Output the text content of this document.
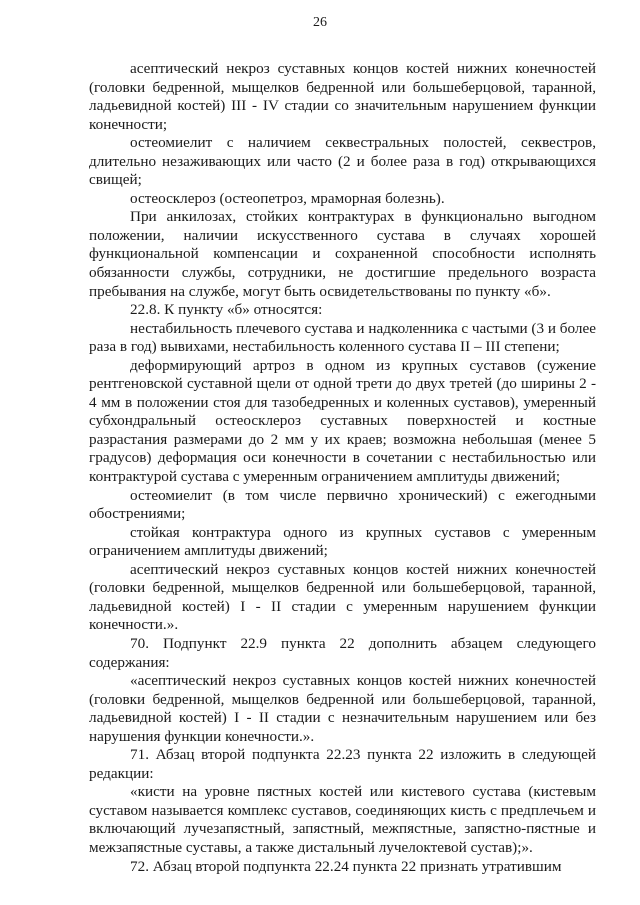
26

асептический некроз суставных концов костей нижних конечностей (головки бедренной, мыщелков бедренной или большеберцовой, таранной, ладьевидной костей) III - IV стадии со значительным нарушением функции конечности;

остеомиелит с наличием секвестральных полостей, секвестров, длительно незаживающих или часто (2 и более раза в год) открывающихся свищей;

остеосклероз (остеопетроз, мраморная болезнь).

При анкилозах, стойких контрактурах в функционально выгодном положении, наличии искусственного сустава в случаях хорошей функциональной компенсации и сохраненной способности исполнять обязанности службы, сотрудники, не достигшие предельного возраста пребывания на службе, могут быть освидетельствованы по пункту «б».

22.8. К пункту «б» относятся:

нестабильность плечевого сустава и надколенника с частыми (3 и более раза в год) вывихами, нестабильность коленного сустава II – III степени;

деформирующий артроз в одном из крупных суставов (сужение рентгеновской суставной щели от одной трети до двух третей (до ширины 2 - 4 мм в положении стоя для тазобедренных и коленных суставов), умеренный субхондральный остеосклероз суставных поверхностей и костные разрастания размерами до 2 мм у их краев; возможна небольшая (менее 5 градусов) деформация оси конечности в сочетании с нестабильностью или контрактурой сустава с умеренным ограничением амплитуды движений;

остеомиелит (в том числе первично хронический) с ежегодными обострениями;

стойкая контрактура одного из крупных суставов с умеренным ограничением амплитуды движений;

асептический некроз суставных концов костей нижних конечностей (головки бедренной, мыщелков бедренной или большеберцовой, таранной, ладьевидной костей) I - II стадии с умеренным нарушением функции конечности.».

70. Подпункт 22.9 пункта 22 дополнить абзацем следующего содержания:

«асептический некроз суставных концов костей нижних конечностей (головки бедренной, мыщелков бедренной или большеберцовой, таранной, ладьевидной костей) I - II стадии с незначительным нарушением или без нарушения функции конечности.».

71. Абзац второй подпункта 22.23 пункта 22 изложить в следующей редакции:

«кисти на уровне пястных костей или кистевого сустава (кистевым суставом называется комплекс суставов, соединяющих кисть с предплечьем и включающий лучезапястный, запястный, межпястные, запястно-пястные и межзапястные суставы, а также дистальный лучелоктевой сустав);».

72. Абзац второй подпункта 22.24 пункта 22 признать утратившим
